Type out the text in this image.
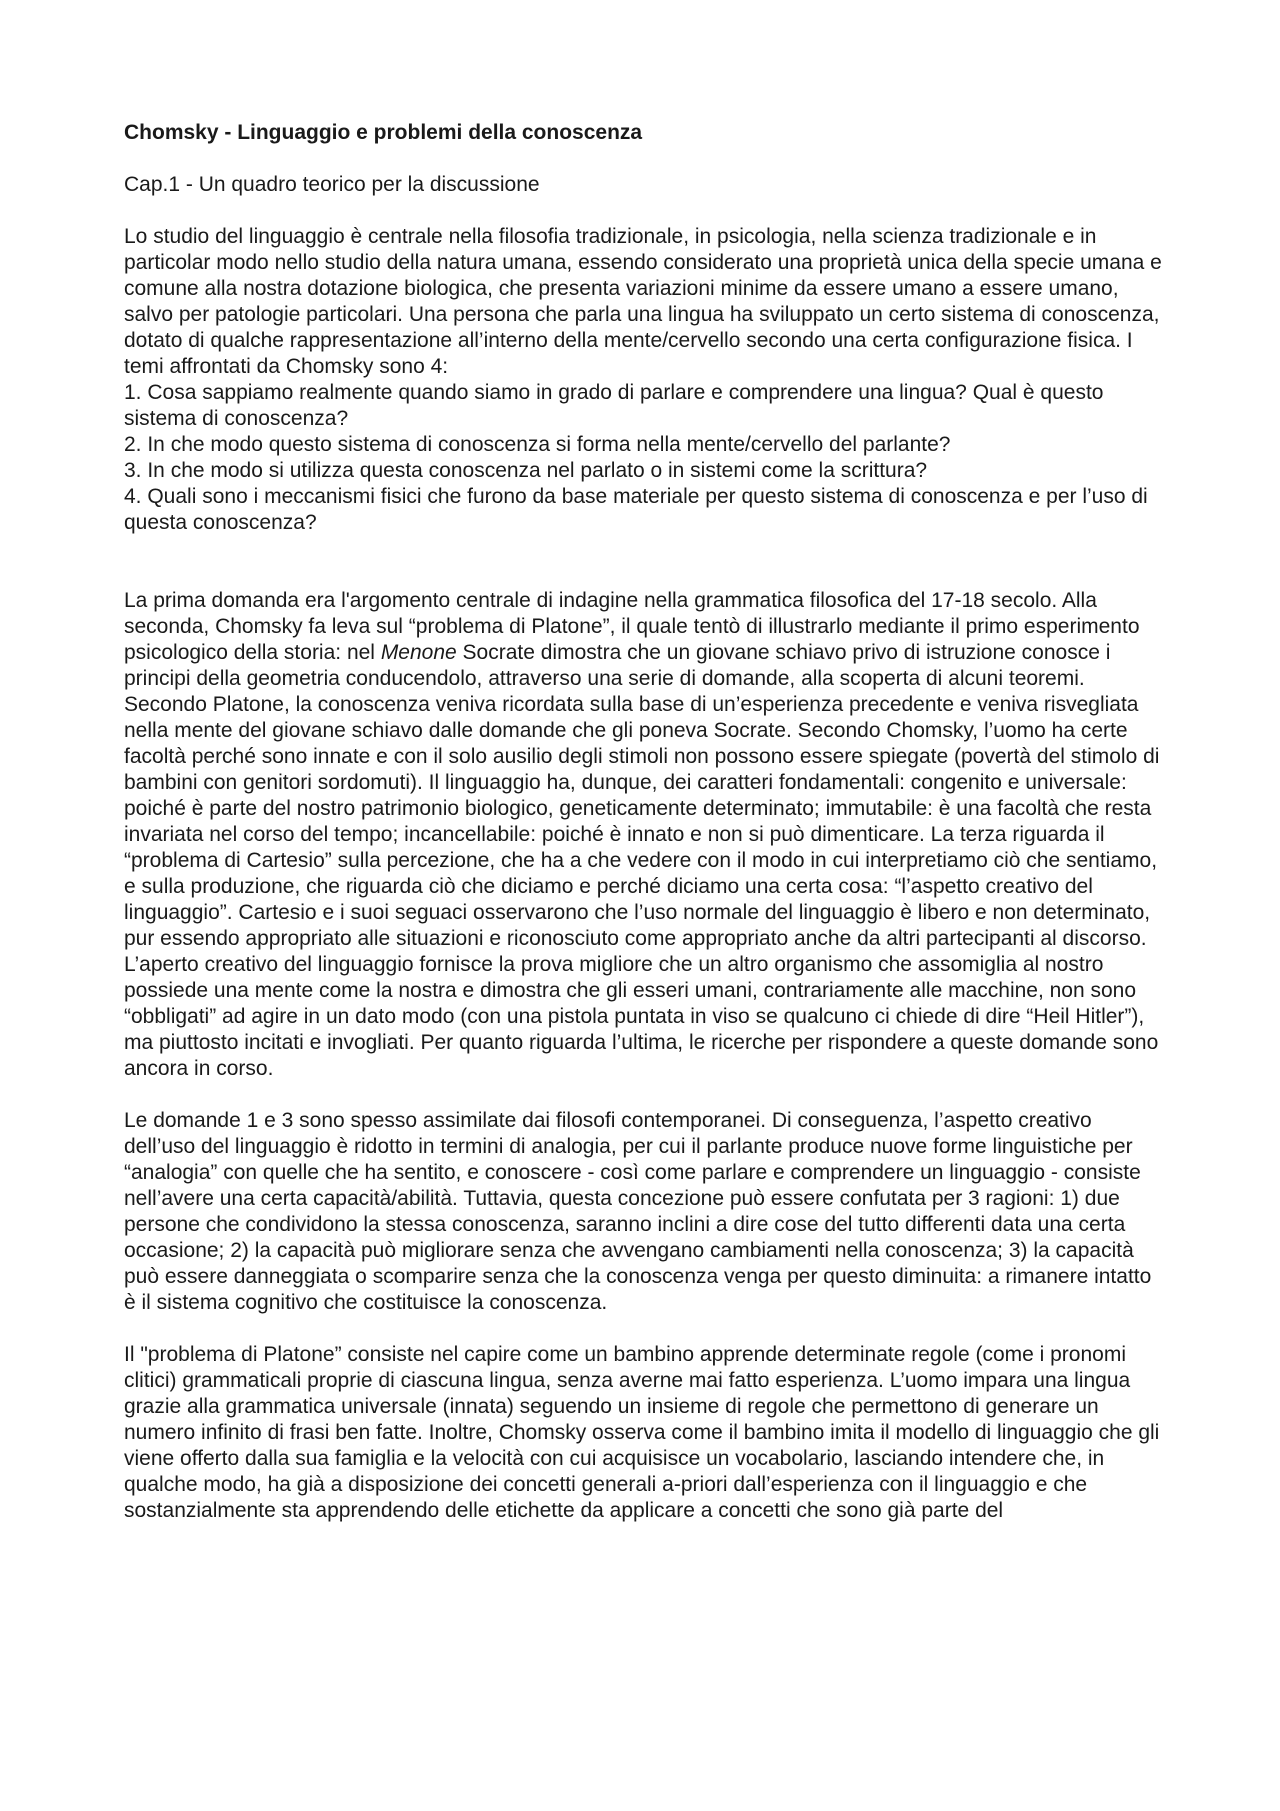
Chomsky - Linguaggio e problemi della conoscenza
Cap.1 - Un quadro teorico per la discussione
Lo studio del linguaggio è centrale nella filosofia tradizionale, in psicologia, nella scienza tradizionale e in particolar modo nello studio della natura umana, essendo considerato una proprietà unica della specie umana e comune alla nostra dotazione biologica, che presenta variazioni minime da essere umano a essere umano, salvo per patologie particolari. Una persona che parla una lingua ha sviluppato un certo sistema di conoscenza, dotato di qualche rappresentazione all’interno della mente/cervello secondo una certa configurazione fisica. I temi affrontati da Chomsky sono 4:
1. Cosa sappiamo realmente quando siamo in grado di parlare e comprendere una lingua? Qual è questo sistema di conoscenza?
2. In che modo questo sistema di conoscenza si forma nella mente/cervello del parlante?
3. In che modo si utilizza questa conoscenza nel parlato o in sistemi come la scrittura?
4. Quali sono i meccanismi fisici che furono da base materiale per questo sistema di conoscenza e per l’uso di questa conoscenza?
La prima domanda era l'argomento centrale di indagine nella grammatica filosofica del 17-18 secolo. Alla seconda, Chomsky fa leva sul “problema di Platone”, il quale tentò di illustrarlo mediante il primo esperimento psicologico della storia: nel Menone Socrate dimostra che un giovane schiavo privo di istruzione conosce i principi della geometria conducendolo, attraverso una serie di domande, alla scoperta di alcuni teoremi. Secondo Platone, la conoscenza veniva ricordata sulla base di un’esperienza precedente e veniva risvegliata nella mente del giovane schiavo dalle domande che gli poneva Socrate. Secondo Chomsky, l’uomo ha certe facoltà perché sono innate e con il solo ausilio degli stimoli non possono essere spiegate (povertà del stimolo di bambini con genitori sordomuti). Il linguaggio ha, dunque, dei caratteri fondamentali: congenito e universale: poiché è parte del nostro patrimonio biologico, geneticamente determinato; immutabile: è una facoltà che resta invariata nel corso del tempo; incancellabile: poiché è innato e non si può dimenticare. La terza riguarda il “problema di Cartesio” sulla percezione, che ha a che vedere con il modo in cui interpretiamo ciò che sentiamo, e sulla produzione, che riguarda ciò che diciamo e perché diciamo una certa cosa: “l’aspetto creativo del linguaggio”. Cartesio e i suoi seguaci osservarono che l’uso normale del linguaggio è libero e non determinato, pur essendo appropriato alle situazioni e riconosciuto come appropriato anche da altri partecipanti al discorso. L’aperto creativo del linguaggio fornisce la prova migliore che un altro organismo che assomiglia al nostro possiede una mente come la nostra e dimostra che gli esseri umani, contrariamente alle macchine, non sono “obbligati” ad agire in un dato modo (con una pistola puntata in viso se qualcuno ci chiede di dire “Heil Hitler”), ma piuttosto incitati e invogliati. Per quanto riguarda l’ultima, le ricerche per rispondere a queste domande sono ancora in corso.
Le domande 1 e 3 sono spesso assimilate dai filosofi contemporanei. Di conseguenza, l’aspetto creativo dell’uso del linguaggio è ridotto in termini di analogia, per cui il parlante produce nuove forme linguistiche per “analogia” con quelle che ha sentito, e conoscere - così come parlare e comprendere un linguaggio - consiste nell’avere una certa capacità/abilità. Tuttavia, questa concezione può essere confutata per 3 ragioni: 1) due persone che condividono la stessa conoscenza, saranno inclini a dire cose del tutto differenti data una certa occasione; 2) la capacità può migliorare senza che avvengano cambiamenti nella conoscenza; 3) la capacità può essere danneggiata o scomparire senza che la conoscenza venga per questo diminuita: a rimanere intatto è il sistema cognitivo che costituisce la conoscenza.
Il "problema di Platone” consiste nel capire come un bambino apprende determinate regole (come i pronomi clitici) grammaticali proprie di ciascuna lingua, senza averne mai fatto esperienza. L’uomo impara una lingua grazie alla grammatica universale (innata) seguendo un insieme di regole che permettono di generare un numero infinito di frasi ben fatte. Inoltre, Chomsky osserva come il bambino imita il modello di linguaggio che gli viene offerto dalla sua famiglia e la velocità con cui acquisisce un vocabolario, lasciando intendere che, in qualche modo, ha già a disposizione dei concetti generali a-priori dall’esperienza con il linguaggio e che sostanzialmente sta apprendendo delle etichette da applicare a concetti che sono già parte del
